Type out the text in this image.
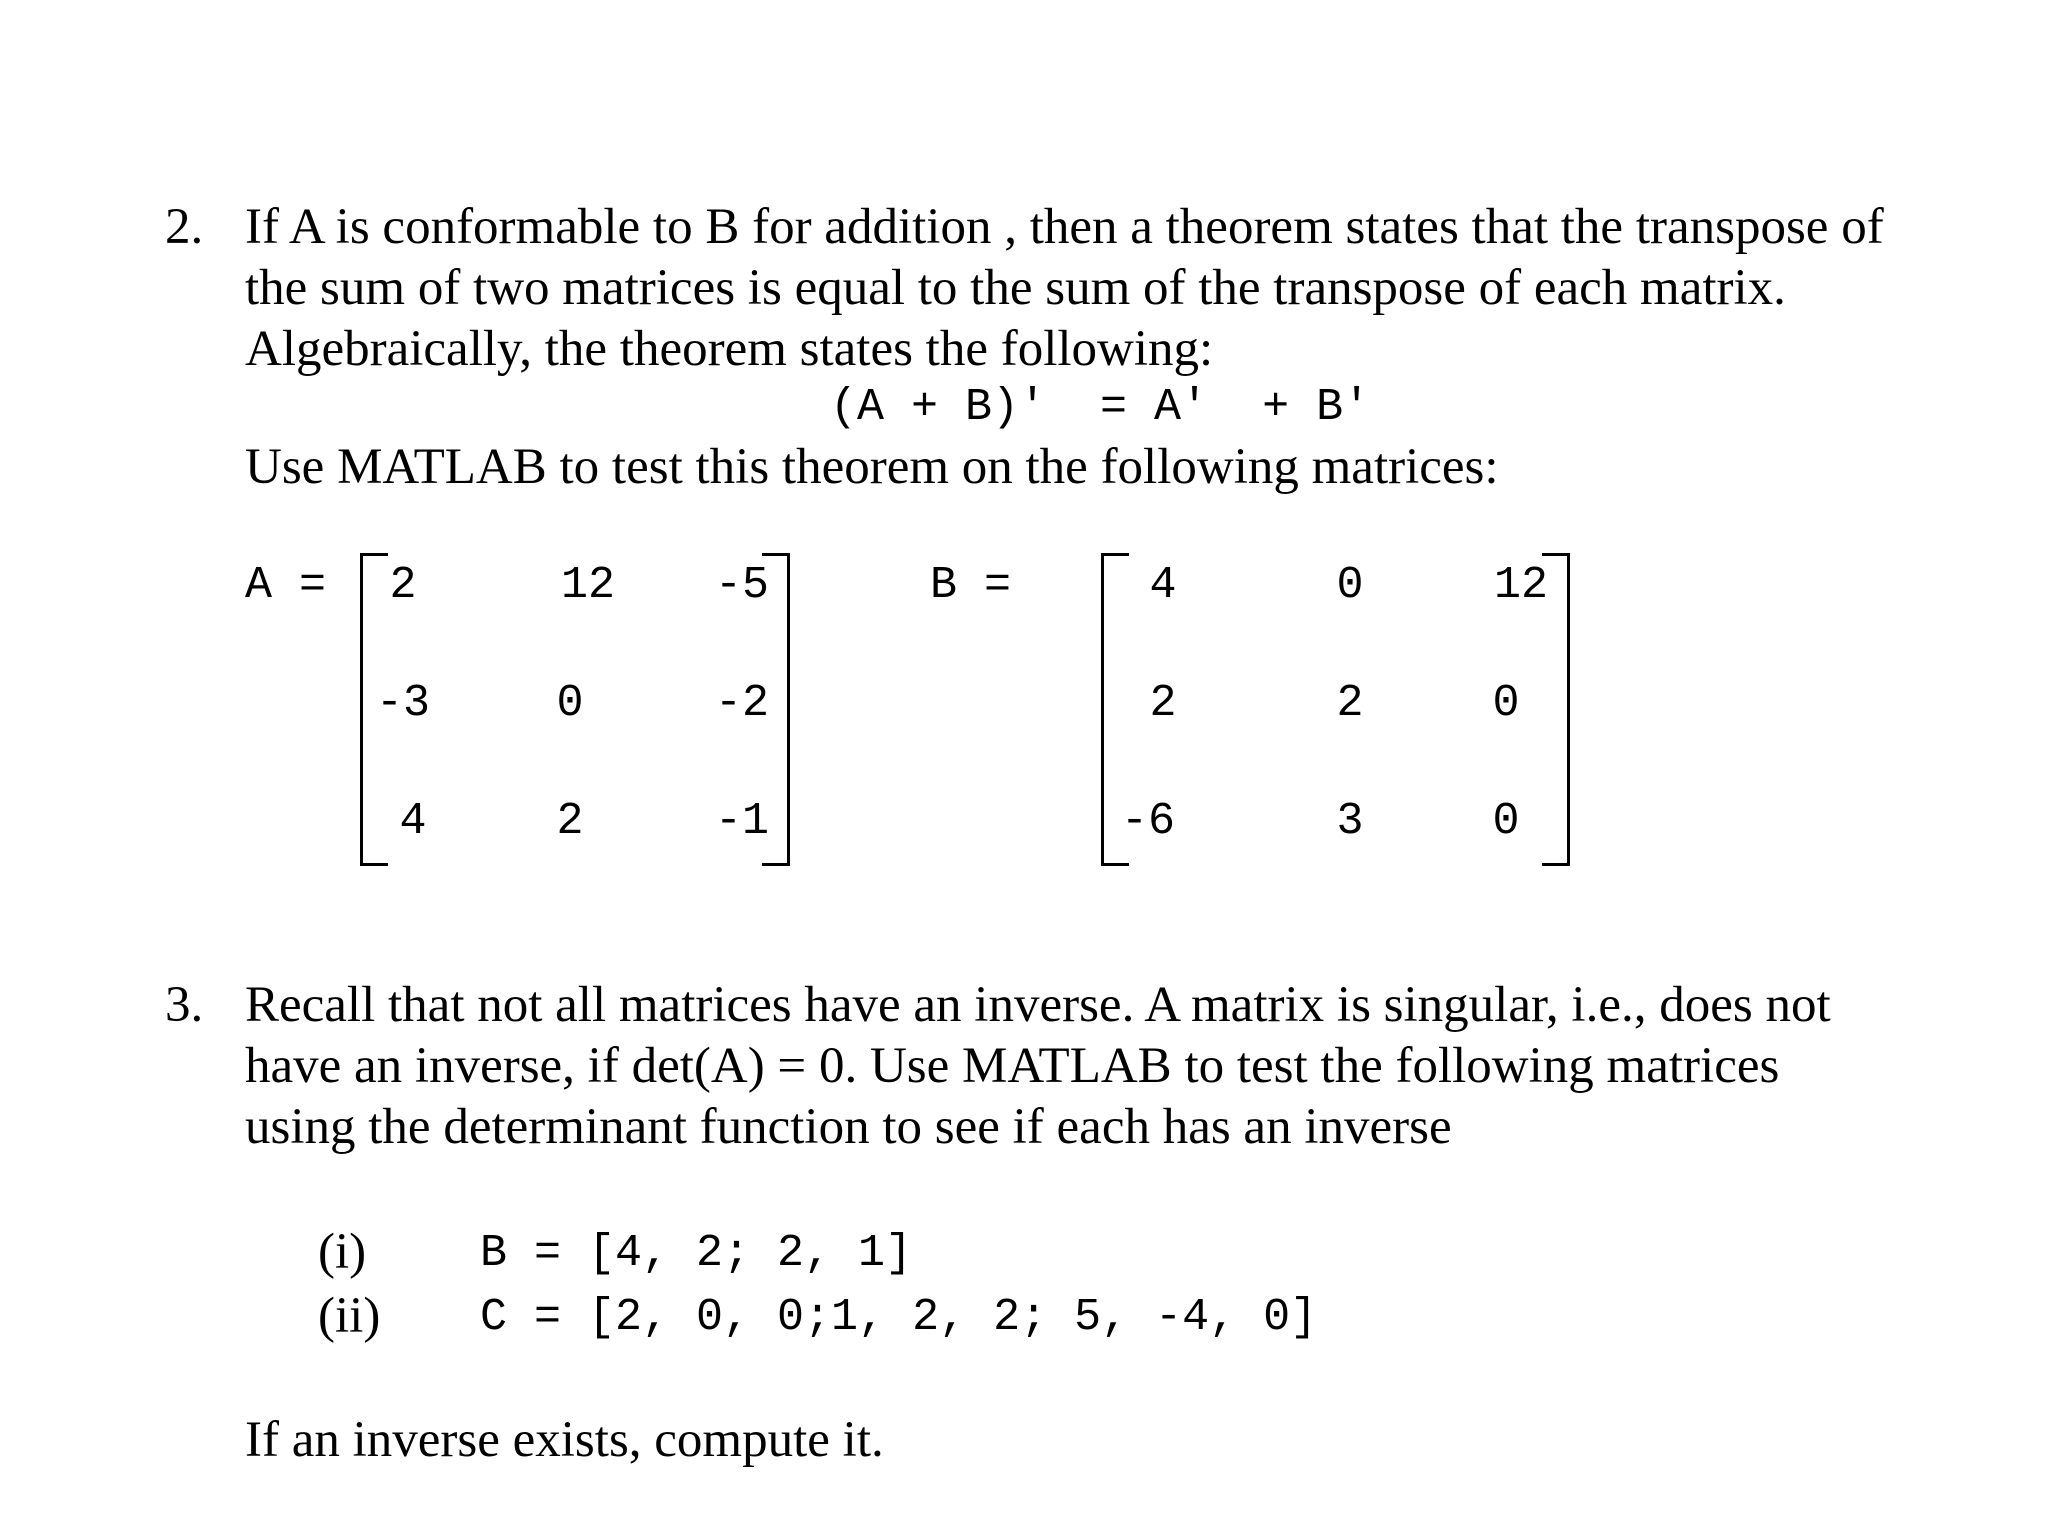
2. If A is conformable to B for addition , then a theorem states that the transpose of
the sum of two matrices is equal to the sum of the transpose of each matrix.
Algebraically, the theorem states the following:
(A + B)′  = A′  + B′
Use MATLAB to test this theorem on the following matrices:
A = 2	12 -5
-3	0	-2
4	2	-1
B =	4	0	12
2	2	0
-6	3	0
3. Recall that not all matrices have an inverse. A matrix is singular, i.e., does not
have an inverse, if det(A) = 0. Use MATLAB to test the following matrices
using the determinant function to see if each has an inverse
(i)	B = [4, 2; 2, 1]
(ii) C = [2, 0, 0;1, 2, 2; 5, -4, 0]
If an inverse exists, compute it.
